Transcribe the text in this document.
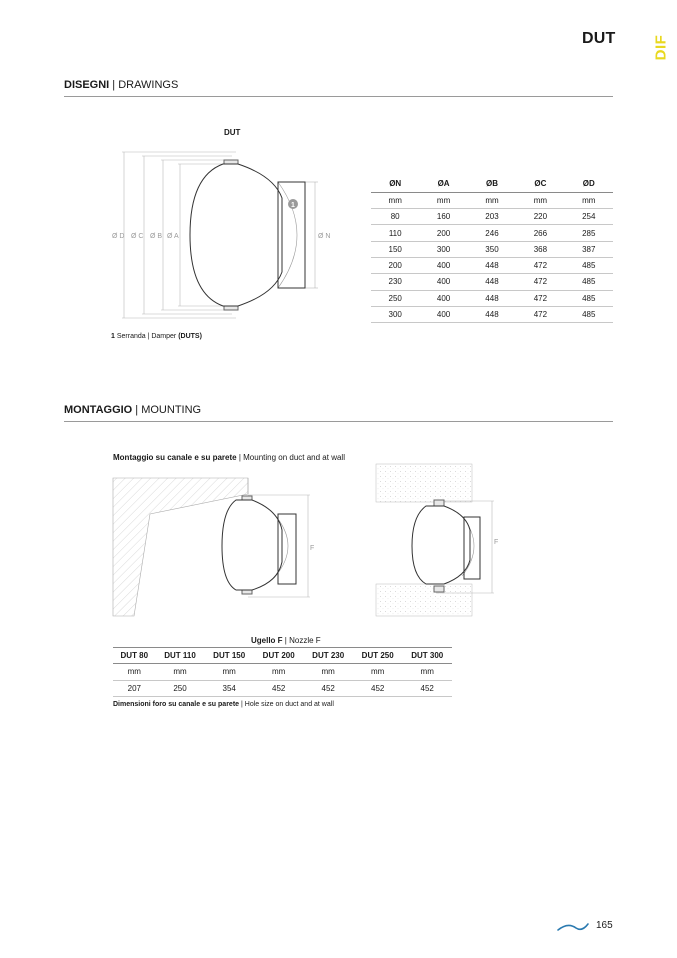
DUT DIF
DISEGNI | DRAWINGS
DUT
1
Ø D Ø C Ø B Ø A	Ø N
1 Serranda | Damper (DUTS)
ØN	ØA	ØB	ØC	ØD
mm	mm	mm	mm	mm
80	160	203	220	254
110	200	246	266	285
150	300	350	368	387
200	400	448	472	485
230	400	448	472	485
250	400	448	472	485
300	400	448	472	485
MONTAGGIO | MOUNTING
Montaggio su canale e su parete | Mounting on duct and at wall
F
F
Ugello F | Nozzle F
DUT 80	DUT 110	DUT 150	DUT 200	DUT 230	DUT 250	DUT 300
mm	mm	mm	mm	mm	mm	mm
207	250	354	452	452	452	452
Dimensioni foro su canale e su parete | Hole size on duct and at wall
165
